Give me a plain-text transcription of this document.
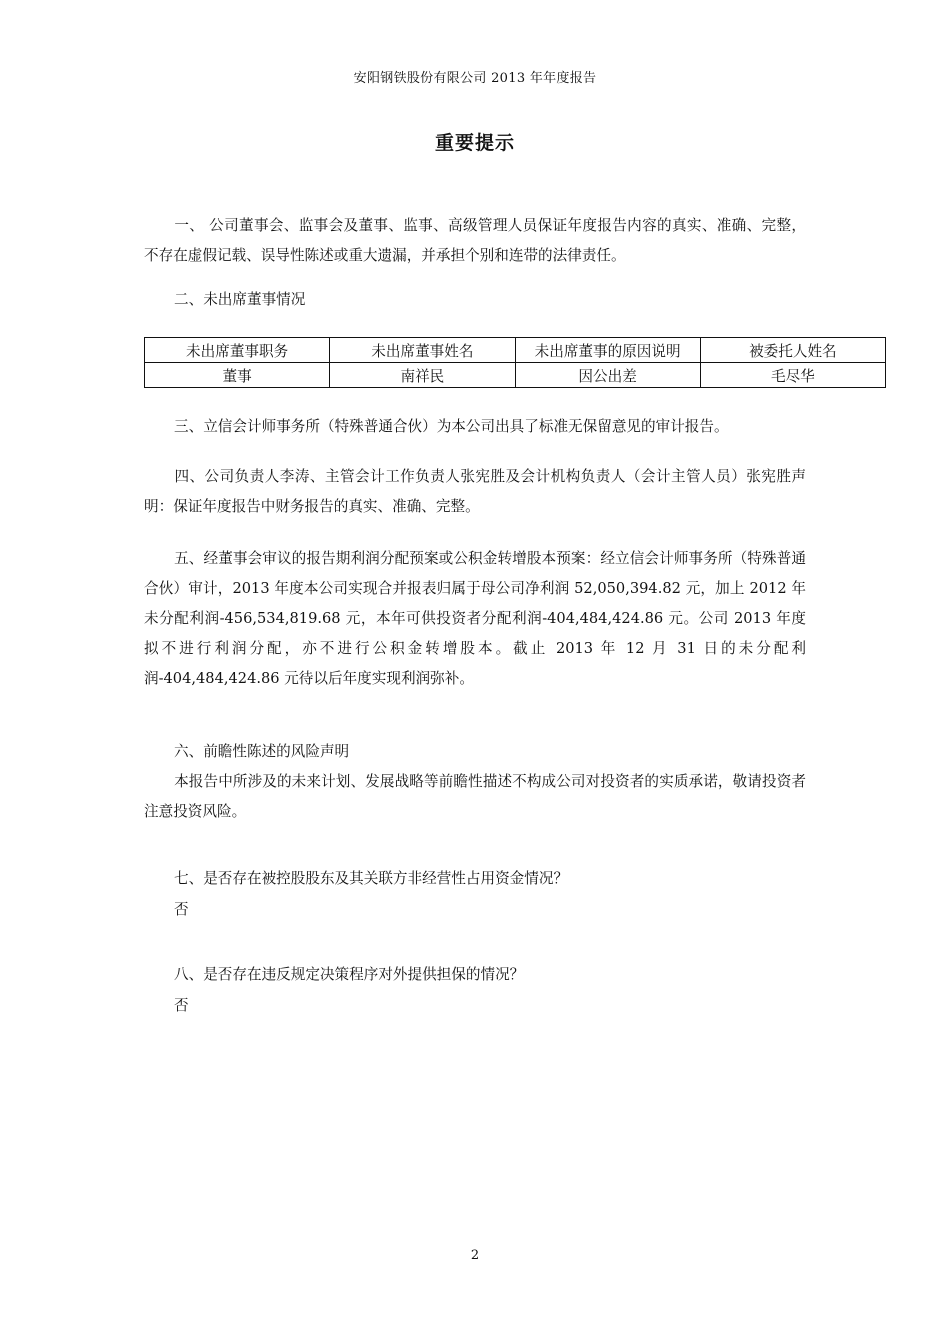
安阳钢铁股份有限公司 2013 年年度报告
重要提示

一、 公司董事会、监事会及董事、监事、高级管理人员保证年度报告内容的真实、准确、完整，不存在虚假记载、误导性陈述或重大遗漏，并承担个别和连带的法律责任。

二、未出席董事情况

未出席董事职务	未出席董事姓名	未出席董事的原因说明	被委托人姓名
董事	南祥民	因公出差	毛尽华

三、立信会计师事务所（特殊普通合伙）为本公司出具了标准无保留意见的审计报告。

四、公司负责人李涛、主管会计工作负责人张宪胜及会计机构负责人（会计主管人员）张宪胜声明：保证年度报告中财务报告的真实、准确、完整。

五、经董事会审议的报告期利润分配预案或公积金转增股本预案：经立信会计师事务所（特殊普通合伙）审计，2013 年度本公司实现合并报表归属于母公司净利润 52,050,394.82 元，加上 2012 年未分配利润-456,534,819.68 元，本年可供投资者分配利润-404,484,424.86 元。公司 2013 年度拟不进行利润分配，亦不进行公积金转增股本。截止 2013 年 12 月 31 日的未分配利润-404,484,424.86 元待以后年度实现利润弥补。

六、前瞻性陈述的风险声明

本报告中所涉及的未来计划、发展战略等前瞻性描述不构成公司对投资者的实质承诺，敬请投资者注意投资风险。

七、是否存在被控股股东及其关联方非经营性占用资金情况？

否

八、是否存在违反规定决策程序对外提供担保的情况？

否

2
